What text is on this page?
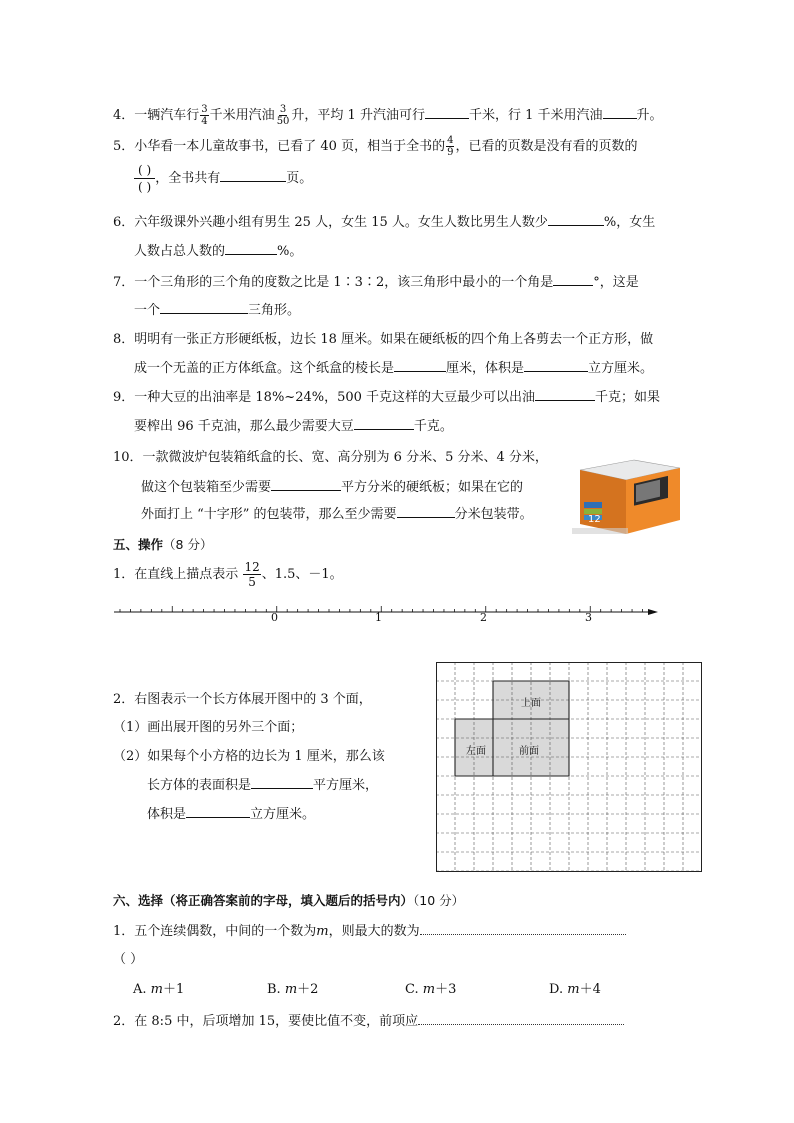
4．一辆汽车行 $\frac{3}{4}$ 千米用汽油 $\frac{3}{50}$ 升，平均 1 升汽油可行	千米，行 1 千米用汽油	升。
5．小华看一本儿童故事书，已看了 40 页，相当于全书的 $\frac{4}{9}$ ，已看的页数是没有看的页数的
$\frac{( )}{( )}$ ，全书共有	页。
6．六年级课外兴趣小组有男生 25 人，女生 15 人。女生人数比男生人数少	%，女生
人数占总人数的	%。
7．一个三角形的三个角的度数之比是 1∶3∶2，该三角形中最小的一个角是	°，这是
一个	三角形。
8．明明有一张正方形硬纸板，边长 18 厘米。如果在硬纸板的四个角上各剪去一个正方形，做
成一个无盖的正方体纸盒。这个纸盒的棱长是	厘米，体积是	立方厘米。
9．一种大豆的出油率是 18%~24%，500 千克这样的大豆最少可以出油	千克；如果
要榨出 96 千克油，那么最少需要大豆	千克。
10．一款微波炉包装箱纸盒的长、宽、高分别为 6 分米、5 分米、4 分米，
做这个包装箱至少需要	平方分米的硬纸板；如果在它的
外面打上 “十字形” 的包装带，那么至少需要	分米包装带。	12
五、操作（8 分）
1．在直线上描点表示 $\frac{12}{5}$ 、1.5、－1。
0	1	2	3
2．右图表示一个长方体展开图中的 3 个面，
（1）画出展开图的另外三个面；
（2）如果每个小方格的边长为 1 厘米，那么该
长方体的表面积是	平方厘米，
体积是	立方厘米。
上面
左面	前面
六、选择（将正确答案前的字母，填入题后的括号内）（10 分）
1．五个连续偶数，中间的一个数为m，则最大的数为
（ ）
A. m＋1	B. m＋2	C. m＋3	D. m＋4
2．在 8:5 中，后项增加 15，要使比值不变，前项应
